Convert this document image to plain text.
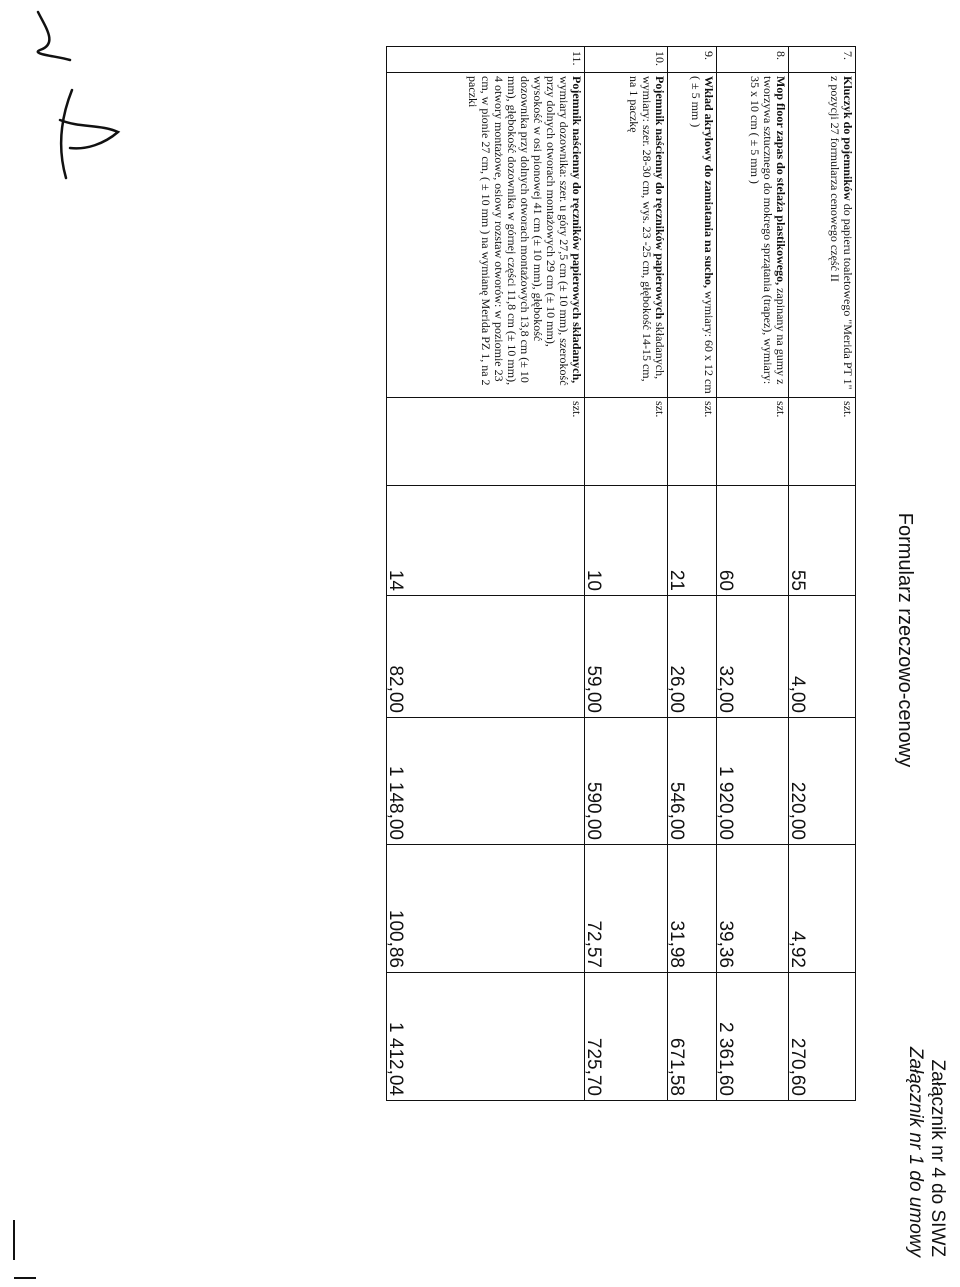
Załącznik nr 4 do SIWZ
Załącznik nr 1 do umowy
Formularz rzeczowo-cenowy
7.	Kluczyk do pojemników do papieru toaletowego "Merida PT 1" z pozycji 27 formularza cenowego część II	szt.	55	4,00	220,00	4,92	270,60
8.	Mop floor zapas do stelaża plastikowego, zapinany na gumy z tworzywa sztucznego do mokrego sprzątania (trapez), wymiary: 35 x 10 cm ( ± 5 mm )	szt.	60	32,00	1 920,00	39,36	2 361,60
9.	Wkład akrylowy do zamiatania na sucho, wymiary: 60 x 12 cm ( ± 5 mm )	szt.	21	26,00	546,00	31,98	671,58
10.	Pojemnik naścienny do ręczników papierowych składanych, wymiary: szer. 28-30 cm, wys. 23 -25 cm, głębokość 14-15 cm, na 1 paczkę	szt.	10	59,00	590,00	72,57	725,70
11.	Pojemnik naścienny do ręczników papierowych składanych, wymiary dozownika: szer. u góry 27,5 cm (± 10 mm), szerokość przy dolnych otworach montażowych 29 cm (± 10 mm), wysokość w osi pionowej 41 cm (± 10 mm), głębokość dozownika przy dolnych otworach montażowych 13,8 cm (± 10 mm), głębokość dozownika w górnej części 11,8 cm (± 10 mm), 4 otwory montażowe, osiowy rozstaw otworów: w poziomie 23 cm, w pionie 27 cm, ( ± 10 mm ) na wymianę Merida PZ 1, na 2 paczki	szt.	14	82,00	1 148,00	100,86	1 412,04
